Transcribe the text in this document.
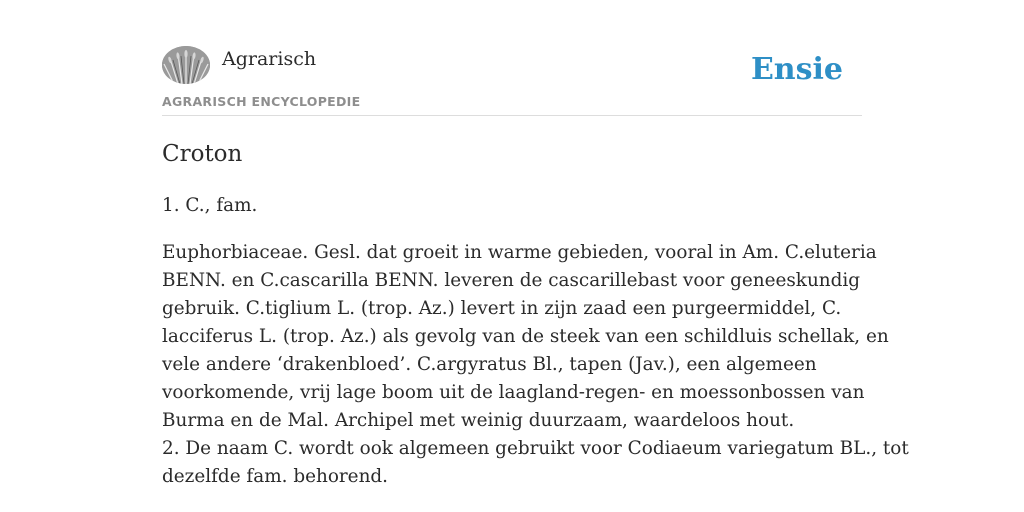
Agrarisch
AGRARISCH ENCYCLOPEDIE
Ensie
Croton

1. C., fam.

Euphorbiaceae. Gesl. dat groeit in warme gebieden, vooral in Am. C.eluteria
BENN. en C.cascarilla BENN. leveren de cascarillebast voor geneeskundig
gebruik. C.tiglium L. (trop. Az.) levert in zijn zaad een purgeermiddel, C.
lacciferus L. (trop. Az.) als gevolg van de steek van een schildluis schellak, en
vele andere ‘drakenbloed’. C.argyratus Bl., tapen (Jav.), een algemeen
voorkomende, vrij lage boom uit de laagland-regen- en moessonbossen van
Burma en de Mal. Archipel met weinig duurzaam, waardeloos hout.
2. De naam C. wordt ook algemeen gebruikt voor Codiaeum variegatum BL., tot
dezelfde fam. behorend.
